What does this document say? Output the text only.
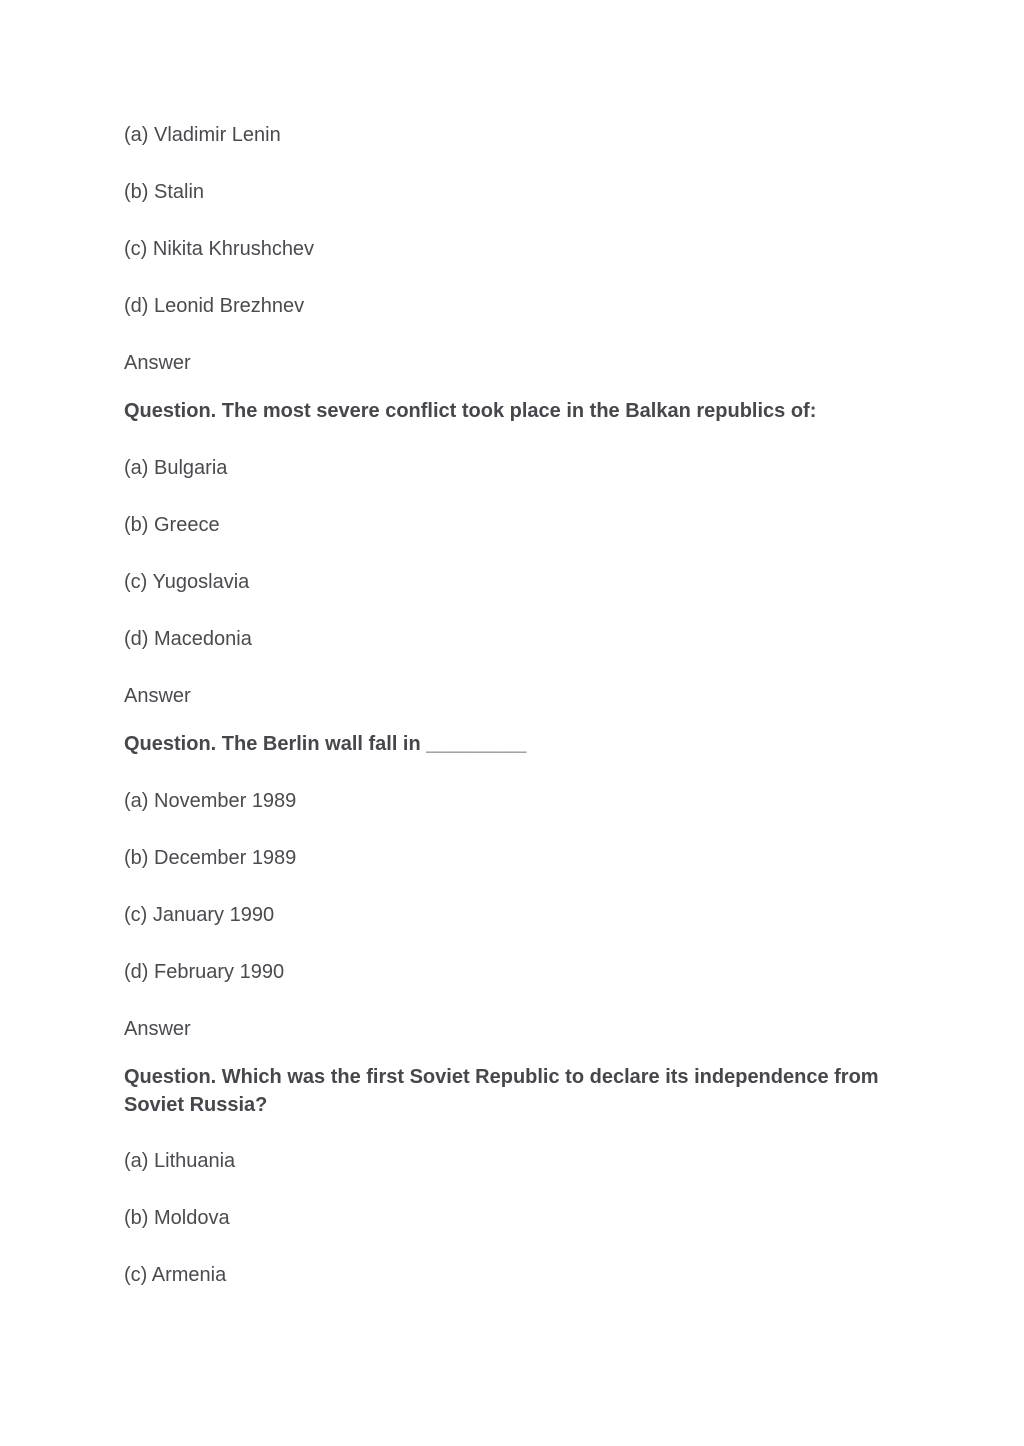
(a) Vladimir Lenin
(b) Stalin
(c) Nikita Khrushchev
(d) Leonid Brezhnev
Answer
Question. The most severe conflict took place in the Balkan republics of:
(a) Bulgaria
(b) Greece
(c) Yugoslavia
(d) Macedonia
Answer
Question. The Berlin wall fall in _________
(a) November 1989
(b) December 1989
(c) January 1990
(d) February 1990
Answer
Question. Which was the first Soviet Republic to declare its independence from Soviet Russia?
(a) Lithuania
(b) Moldova
(c) Armenia
